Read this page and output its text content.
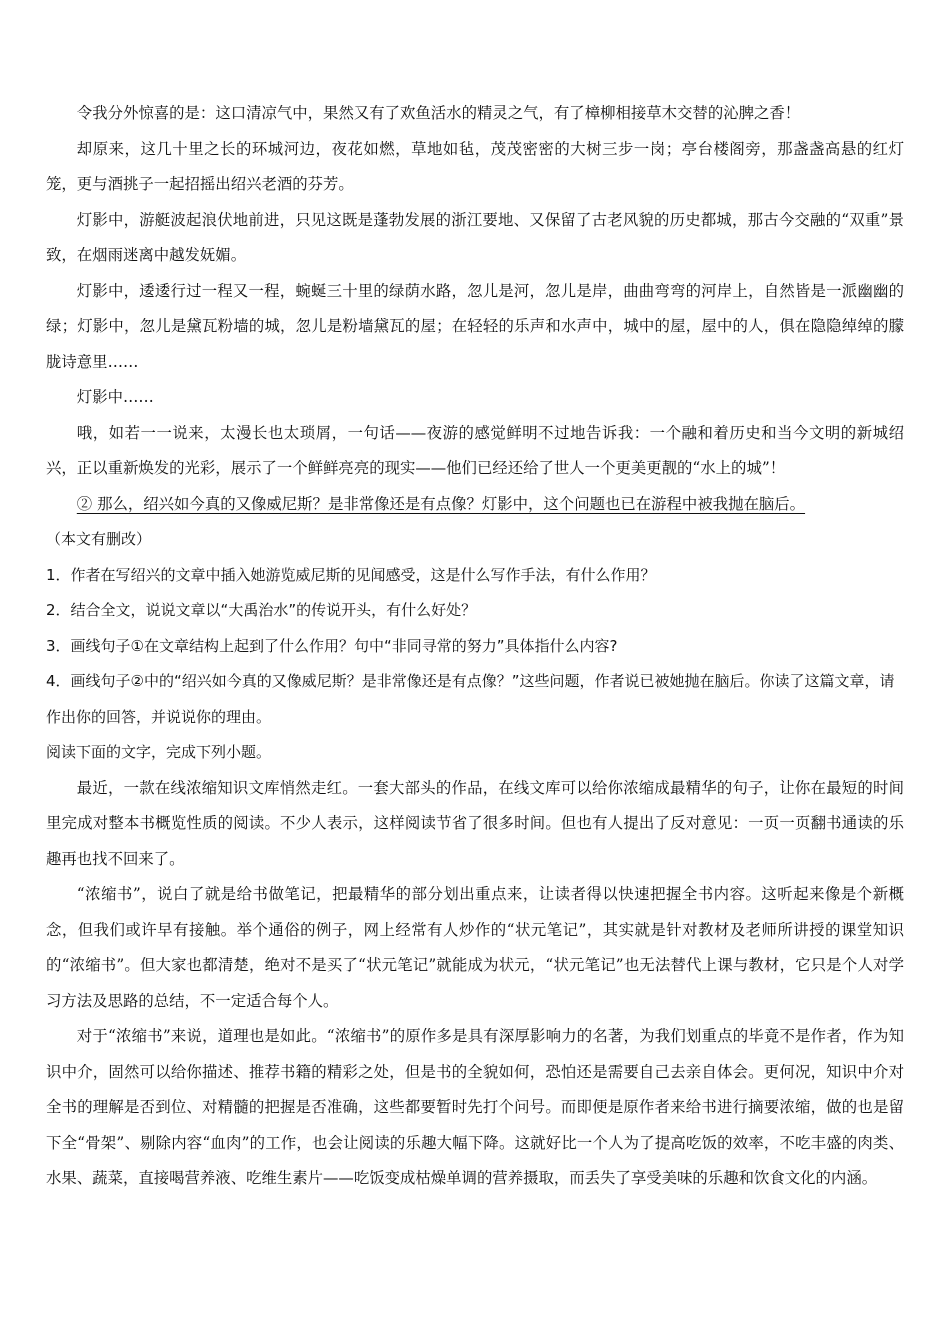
令我分外惊喜的是：这口清凉气中，果然又有了欢鱼活水的精灵之气，有了樟柳相接草木交替的沁脾之香！

却原来，这几十里之长的环城河边，夜花如燃，草地如毡，茂茂密密的大树三步一岗；亭台楼阁旁，那盏盏高悬的红灯笼，更与酒挑子一起招摇出绍兴老酒的芬芳。

灯影中，游艇波起浪伏地前进，只见这既是蓬勃发展的浙江要地、又保留了古老风貌的历史都城，那古今交融的“双重”景致，在烟雨迷离中越发妩媚。

灯影中，逶逶行过一程又一程，蜿蜒三十里的绿荫水路，忽儿是河，忽儿是岸，曲曲弯弯的河岸上，自然皆是一派幽幽的绿；灯影中，忽儿是黛瓦粉墙的城，忽儿是粉墙黛瓦的屋；在轻轻的乐声和水声中，城中的屋，屋中的人，俱在隐隐绰绰的朦胧诗意里……

灯影中……

哦，如若一一说来，太漫长也太琐屑，一句话——夜游的感觉鲜明不过地告诉我：一个融和着历史和当今文明的新城绍兴，正以重新焕发的光彩，展示了一个鲜鲜亮亮的现实——他们已经还给了世人一个更美更靓的“水上的城”！

② 那么，绍兴如今真的又像威尼斯？是非常像还是有点像？灯影中，这个问题也已在游程中被我抛在脑后。

（本文有删改）

1．作者在写绍兴的文章中插入她游览威尼斯的见闻感受，这是什么写作手法，有什么作用？

2．结合全文，说说文章以“大禹治水”的传说开头，有什么好处？

3．画线句子①在文章结构上起到了什么作用？句中“非同寻常的努力”具体指什么内容?

4．画线句子②中的“绍兴如今真的又像威尼斯？是非常像还是有点像？”这些问题，作者说已被她抛在脑后。你读了这篇文章，请作出你的回答，并说说你的理由。

阅读下面的文字，完成下列小题。

最近，一款在线浓缩知识文库悄然走红。一套大部头的作品，在线文库可以给你浓缩成最精华的句子，让你在最短的时间里完成对整本书概览性质的阅读。不少人表示，这样阅读节省了很多时间。但也有人提出了反对意见：一页一页翻书通读的乐趣再也找不回来了。

“浓缩书”，说白了就是给书做笔记，把最精华的部分划出重点来，让读者得以快速把握全书内容。这听起来像是个新概念，但我们或许早有接触。举个通俗的例子，网上经常有人炒作的“状元笔记”，其实就是针对教材及老师所讲授的课堂知识的“浓缩书”。但大家也都清楚，绝对不是买了“状元笔记”就能成为状元，“状元笔记”也无法替代上课与教材，它只是个人对学习方法及思路的总结，不一定适合每个人。

对于“浓缩书”来说，道理也是如此。“浓缩书”的原作多是具有深厚影响力的名著，为我们划重点的毕竟不是作者，作为知识中介，固然可以给你描述、推荐书籍的精彩之处，但是书的全貌如何，恐怕还是需要自己去亲自体会。更何况，知识中介对全书的理解是否到位、对精髓的把握是否准确，这些都要暂时先打个问号。而即便是原作者来给书进行摘要浓缩，做的也是留下全“骨架”、剔除内容“血肉”的工作，也会让阅读的乐趣大幅下降。这就好比一个人为了提高吃饭的效率，不吃丰盛的肉类、水果、蔬菜，直接喝营养液、吃维生素片——吃饭变成枯燥单调的营养摄取，而丢失了享受美味的乐趣和饮食文化的内涵。
